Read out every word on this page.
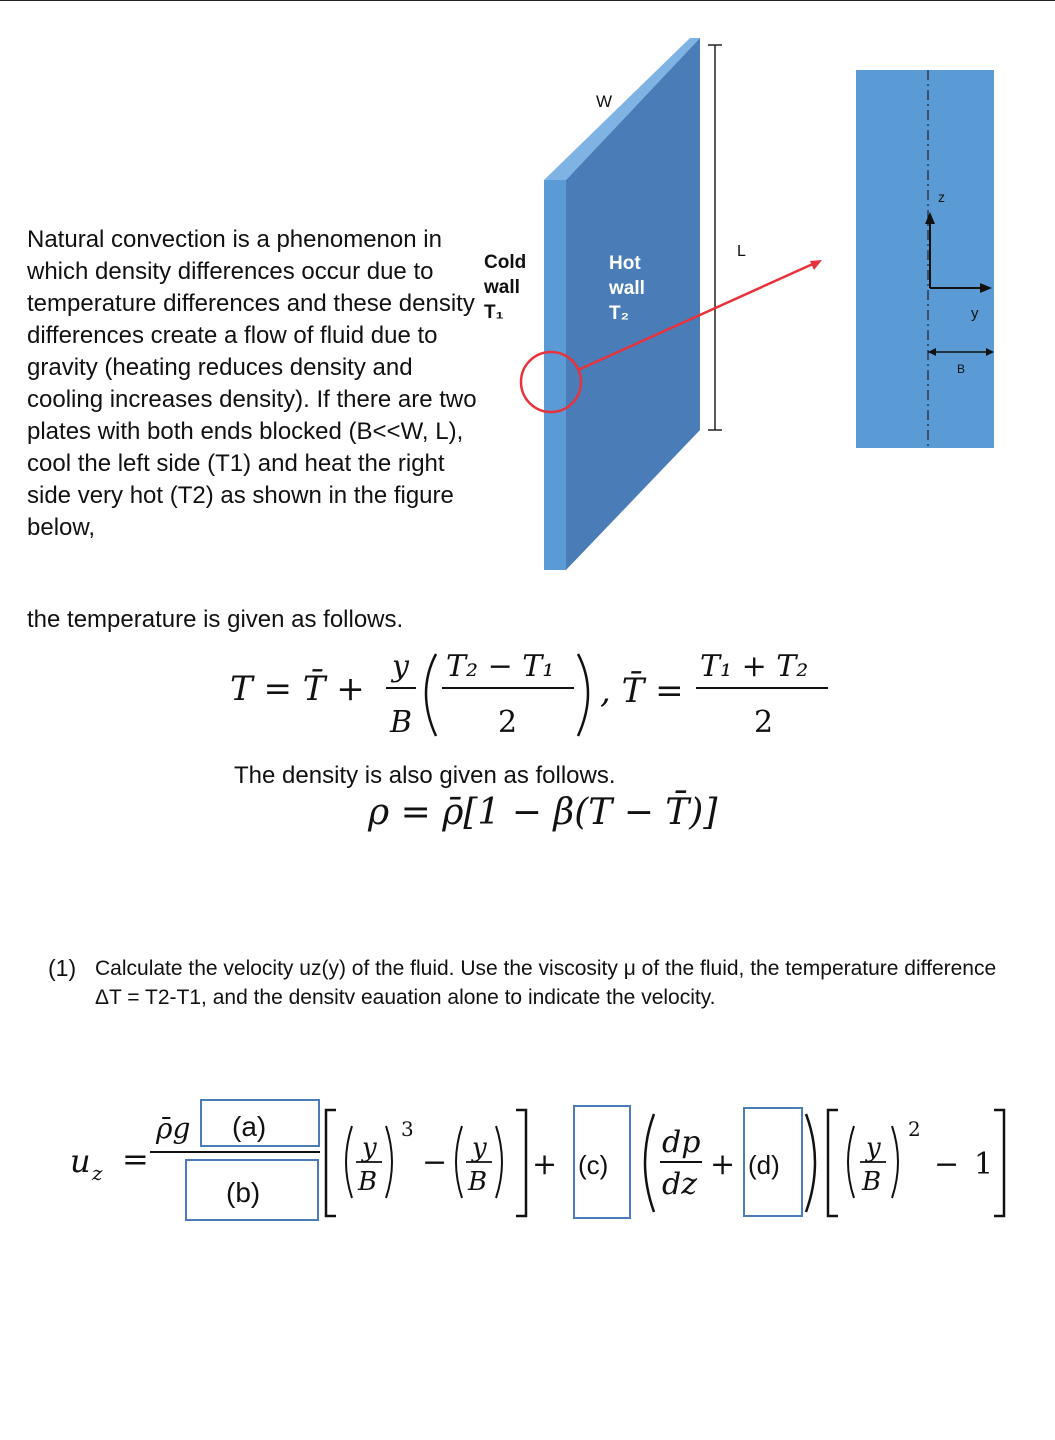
Natural convection is a phenomenon in which density differences occur due to temperature differences and these density differences create a flow of fluid due to gravity (heating reduces density and cooling increases density). If there are two plates with both ends blocked (B<<W, L), cool the left side (T1) and heat the right side very hot (T2) as shown in the figure below,
W
L
Cold
wall
T₁
Hot
wall
T₂
z
y
B
the temperature is given as follows.
T = T̄ +
y
B
T₂ − T₁
2
, T̄ =
T₁ + T₂
2
The density is also given as follows.
ρ = ρ̄[1 − β(T − T̄)]
(1) Calculate the velocity uz(y) of the fluid. Use the viscosity μ of the fluid, the temperature difference ΔT = T2-T1, and the densitv eauation alone to indicate the velocity.
u z =
ρ̄g (a)
(b)
y
B
3
− y
B + (c)
dp
dz
+ (d)
y
B
2
− 1
